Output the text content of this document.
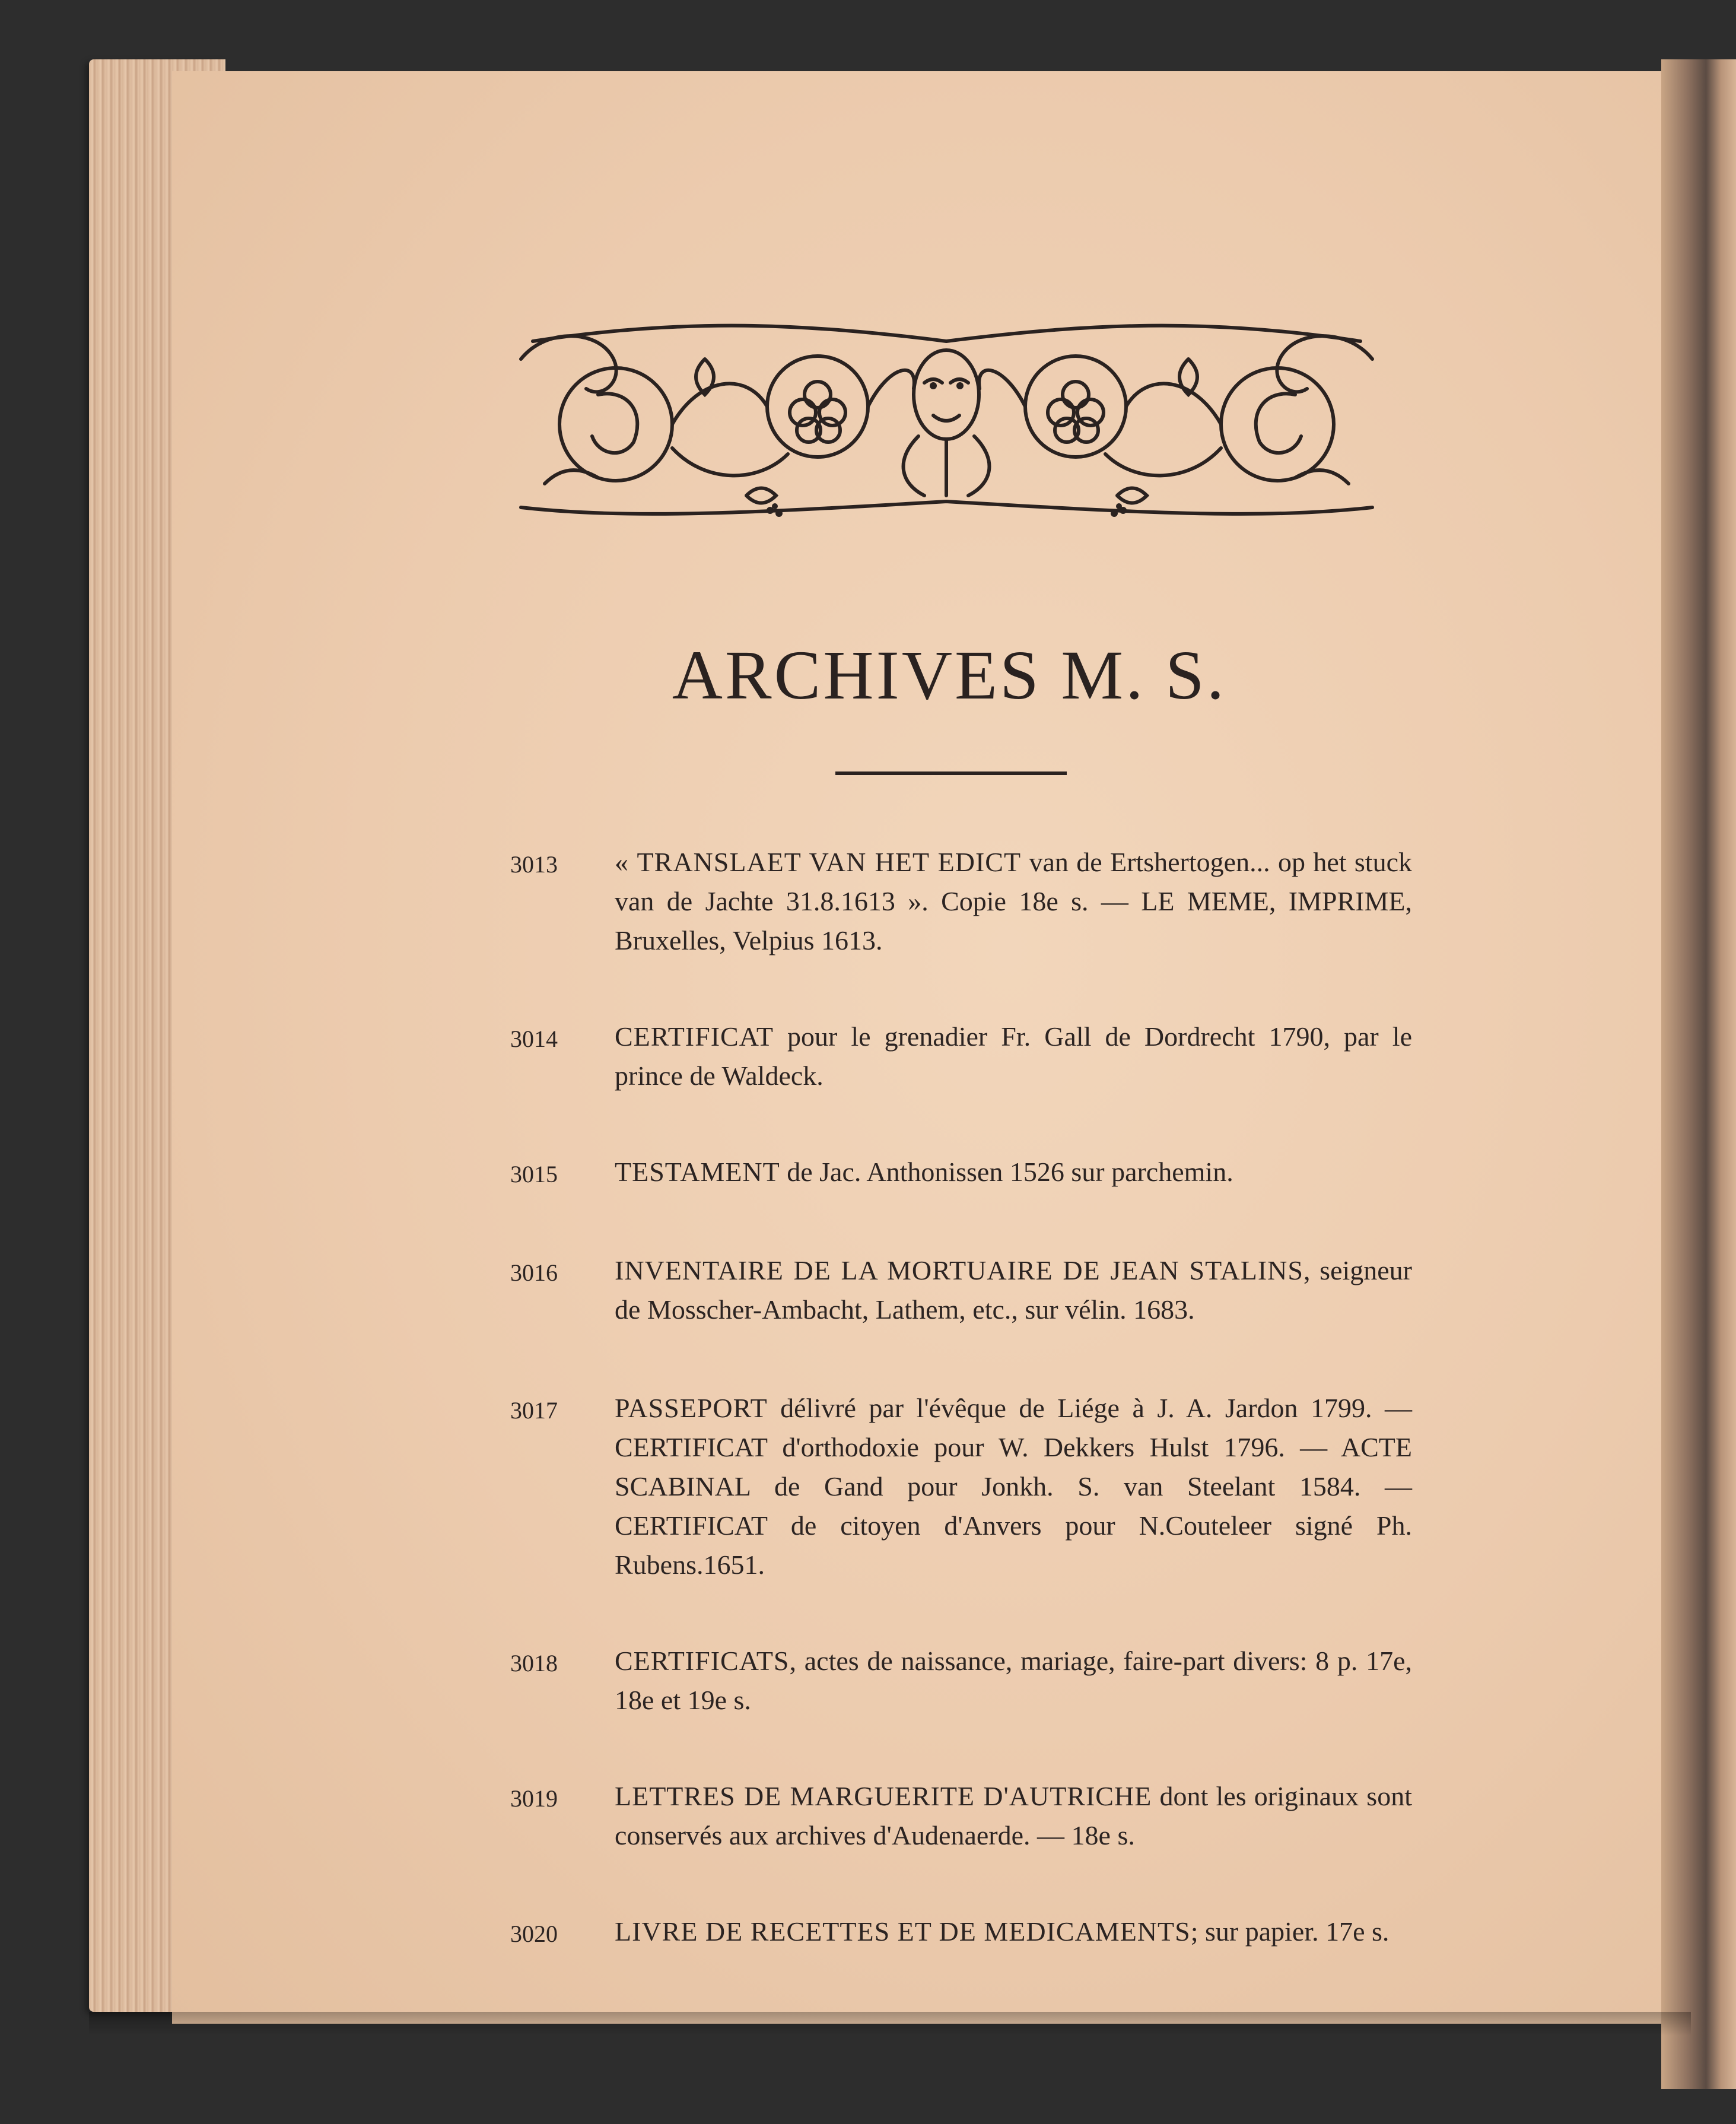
ARCHIVES M. S.
3013	« TRANSLAET VAN HET EDICT van de Ertshertogen... op het stuck van de Jachte 31.8.1613 ». Copie 18e s. — LE MEME, IMPRIME, Bruxelles, Velpius 1613.
3014	CERTIFICAT pour le grenadier Fr. Gall de Dordrecht 1790, par le prince de Waldeck.
3015	TESTAMENT de Jac. Anthonissen 1526 sur parchemin.
3016	INVENTAIRE DE LA MORTUAIRE DE JEAN STALINS, seigneur de Mosscher-Ambacht, Lathem, etc., sur vélin. 1683.
3017	PASSEPORT délivré par l'évêque de Liége à J. A. Jardon 1799. — CERTIFICAT d'orthodoxie pour W. Dekkers Hulst 1796. — ACTE SCABINAL de Gand pour Jonkh. S. van Steelant 1584. — CERTIFICAT de citoyen d'Anvers pour N.Couteleer signé Ph. Rubens.1651.
3018	CERTIFICATS, actes de naissance, mariage, faire-part divers: 8 p. 17e, 18e et 19e s.
3019	LETTRES DE MARGUERITE D'AUTRICHE dont les originaux sont conservés aux archives d'Audenaerde. — 18e s.
3020	LIVRE DE RECETTES ET DE MEDICAMENTS; sur papier. 17e s.
